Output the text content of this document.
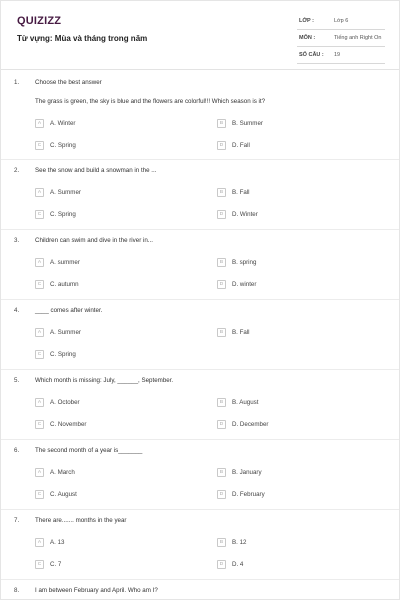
QUIZIZZ
Từ vựng: Mùa và tháng trong năm
LỚP :	Lớp 6
MÔN :	Tiếng anh Right On
SỐ CÂU : 19
1.	Choose the best answer
The grass is green, the sky is blue and the flowers are colorful!!! Which season is it?
A	A. Winter	B	B. Summer
C	C. Spring	D	D. Fall
2.	See the snow and build a snowman in the ...
A	A. Summer	B	B. Fall
C	C. Spring	D	D. Winter
3.	Children can swim and dive in the river in...
A	A. summer	B	B. spring
C	C. autumn	D	D. winter
4.	____ comes after winter.
A	A. Summer	B	B. Fall
C	C. Spring
5.	Which month is missing: July, ______, September.
A	A. October	B	B. August
C	C. November	D	D. December
6.	The second month of a year is_______
A	A. March	B	B. January
C	C. August	D	D. February
7.	There are....... months in the year
A	A. 13	B	B. 12
C	C. 7	D	D. 4
8.	I am between February and April. Who am I?
